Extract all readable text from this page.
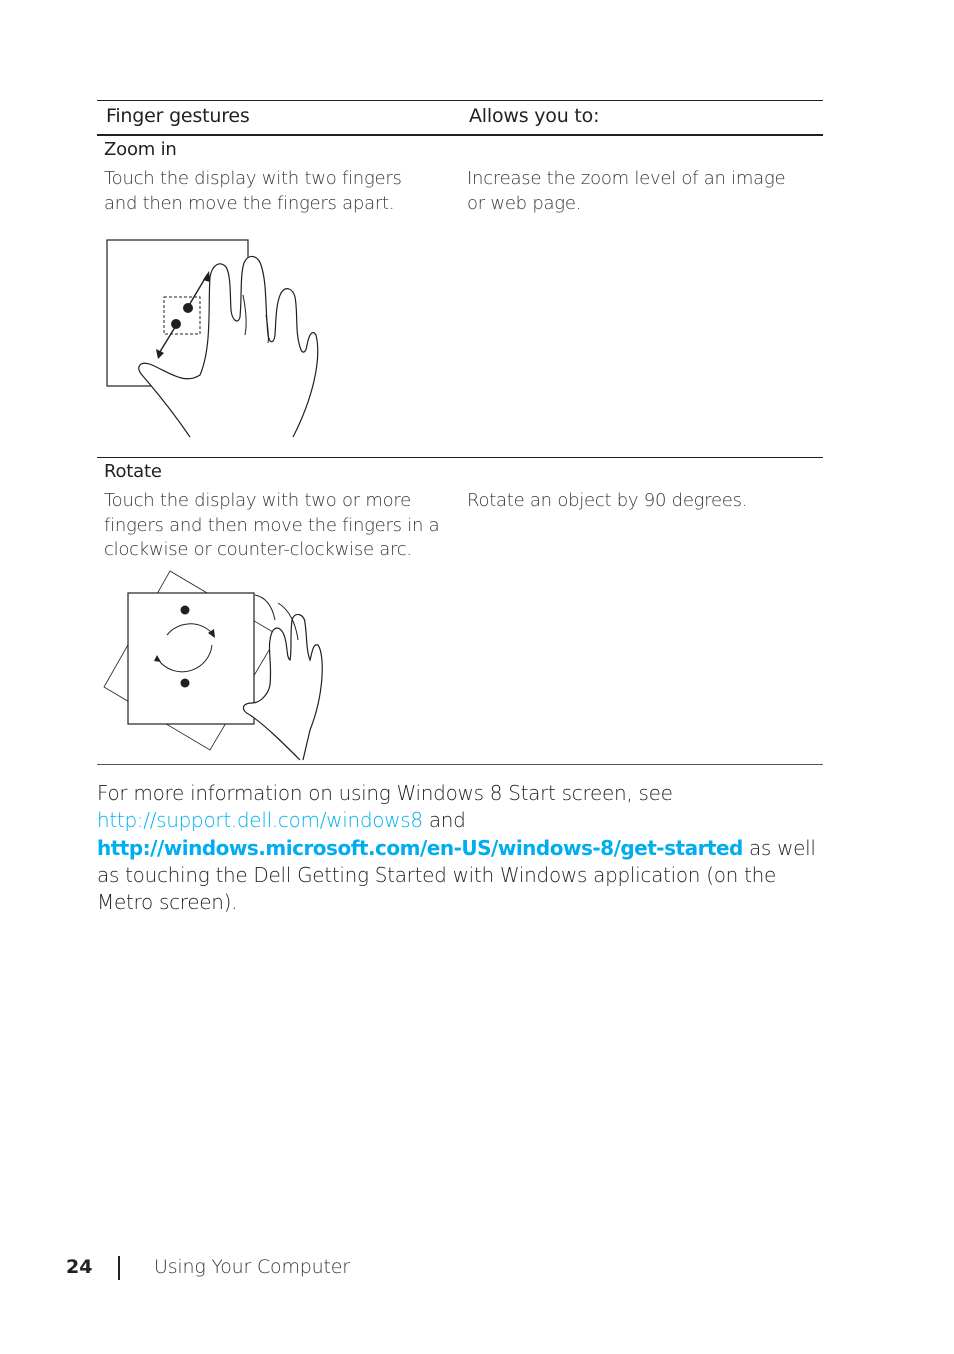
Finger gestures	Allows you to:
Zoom in
Touch the display with two fingers
and then move the fingers apart.
Increase the zoom level of an image
or web page.
Rotate
Touch the display with two or more
fingers and then move the fingers in a
clockwise or counter-clockwise arc.
Rotate an object by 90 degrees.
For more information on using Windows 8 Start screen, see
http://support.dell.com/windows8 and
http://windows.microsoft.com/en-US/windows-8/get-started as well as touching the Dell Getting Started with Windows application (on the Metro screen).
24	Using Your Computer
